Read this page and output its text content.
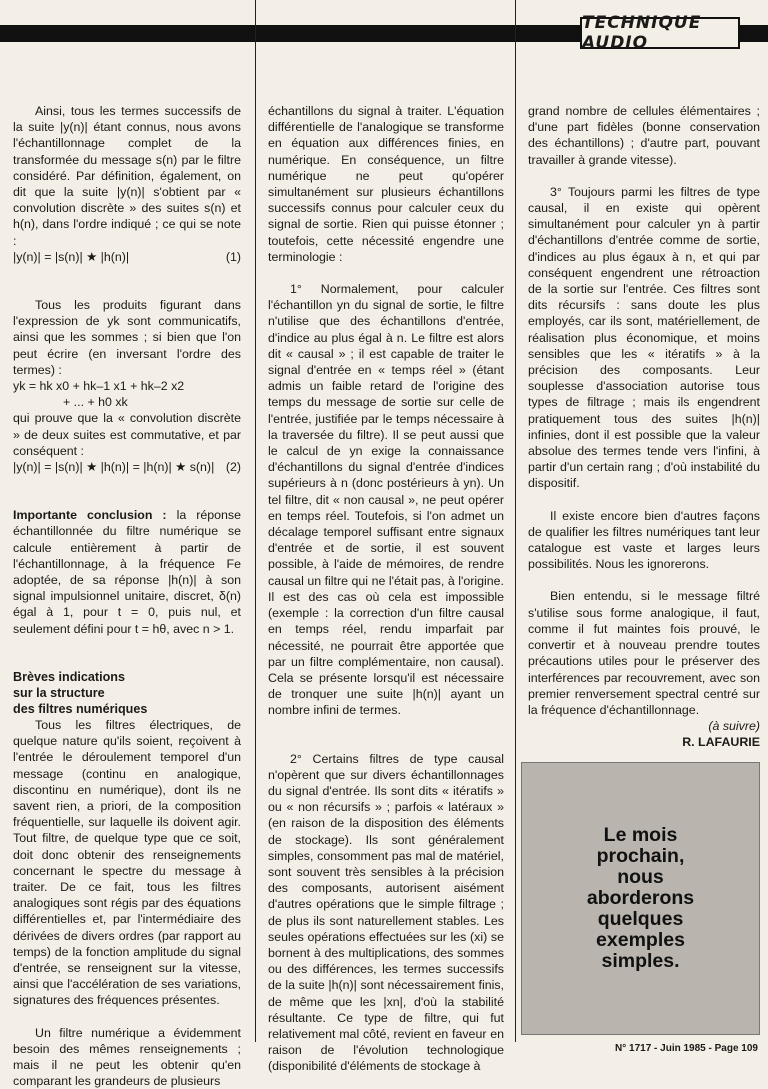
TECHNIQUE AUDIO

Ainsi, tous les termes successifs de la suite |y(n)| étant connus, nous avons l'échantillonnage complet de la transformée du message s(n) par le filtre considéré. Par définition, également, on dit que la suite |y(n)| s'obtient par « convolution discrète » des suites s(n) et h(n), dans l'ordre indiqué ; ce qui se note :

|y(n)| = |s(n)| ★ |h(n)|	(1)

Tous les produits figurant dans l'expression de yk sont communicatifs, ainsi que les sommes ; si bien que l'on peut écrire (en inversant l'ordre des termes) :

yk = hk x0 + hk–1 x1 + hk–2 x2

+ ... + h0 xk

qui prouve que la « convolution discrète » de deux suites est commutative, et par conséquent :

|y(n)| = |s(n)| ★ |h(n)| = |h(n)| ★ s(n)| (2)

Importante conclusion : la réponse échantillonnée du filtre numérique se calcule entièrement à partir de l'échantillonnage, à la fréquence Fe adoptée, de sa réponse |h(n)| à son signal impulsionnel unitaire, discret, δ(n) égal à 1, pour t = 0, puis nul, et seulement défini pour t = hθ, avec n > 1.

Brèves indications

sur la structure

des filtres numériques

Tous les filtres électriques, de quelque nature qu'ils soient, reçoivent à l'entrée le déroulement temporel d'un message (continu en analogique, discontinu en numérique), dont ils ne savent rien, a priori, de la composition fréquentielle, sur laquelle ils doivent agir. Tout filtre, de quelque type que ce soit, doit donc obtenir des renseignements concernant le spectre du message à traiter. De ce fait, tous les filtres analogiques sont régis par des équations différentielles et, par l'intermédiaire des dérivées de divers ordres (par rapport au temps) de la fonction amplitude du signal d'entrée, se renseignent sur la vitesse, ainsi que l'accélération de ses variations, signatures des fréquences présentes.

Un filtre numérique a évidemment besoin des mêmes renseignements ; mais il ne peut les obtenir qu'en comparant les grandeurs de plusieurs

échantillons du signal à traiter. L'équation différentielle de l'analogique se transforme en équation aux différences finies, en numérique. En conséquence, un filtre numérique ne peut qu'opérer simultanément sur plusieurs échantillons successifs connus pour calculer ceux du signal de sortie. Rien qui puisse étonner ; toutefois, cette nécessité engendre une terminologie :

1° Normalement, pour calculer l'échantillon yn du signal de sortie, le filtre n'utilise que des échantillons d'entrée, d'indice au plus égal à n. Le filtre est alors dit « causal » ; il est capable de traiter le signal d'entrée en « temps réel » (étant admis un faible retard de l'origine des temps du message de sortie sur celle de l'entrée, justifiée par le temps nécessaire à la traversée du filtre). Il se peut aussi que le calcul de yn exige la connaissance d'échantillons du signal d'entrée d'indices supérieurs à n (donc postérieurs à yn). Un tel filtre, dit « non causal », ne peut opérer en temps réel. Toutefois, si l'on admet un décalage temporel suffisant entre signaux d'entrée et de sortie, il est souvent possible, à l'aide de mémoires, de rendre causal un filtre qui ne l'était pas, à l'origine. Il est des cas où cela est impossible (exemple : la correction d'un filtre causal en temps réel, rendu imparfait par nécessité, ne pourrait être apportée que par un filtre complémentaire, non causal). Cela se présente lorsqu'il est nécessaire de tronquer une suite |h(n)| ayant un nombre infini de termes.

2° Certains filtres de type causal n'opèrent que sur divers échantillonnages du signal d'entrée. Ils sont dits « itératifs » ou « non récursifs » ; parfois « latéraux » (en raison de la disposition des éléments de stockage). Ils sont généralement simples, consomment pas mal de matériel, sont souvent très sensibles à la précision des composants, autorisent aisément d'autres opérations que le simple filtrage ; de plus ils sont naturellement stables. Les seules opérations effectuées sur les (xi) se bornent à des multiplications, des sommes ou des différences, les termes successifs de la suite |h(n)| sont nécessairement finis, de même que les |xn|, d'où la stabilité résultante. Ce type de filtre, qui fut relativement mal côté, revient en faveur en raison de l'évolution technologique (disponibilité d'éléments de stockage à

grand nombre de cellules élémentaires ; d'une part fidèles (bonne conservation des échantillons) ; d'autre part, pouvant travailler à grande vitesse).

3° Toujours parmi les filtres de type causal, il en existe qui opèrent simultanément pour calculer yn à partir d'échantillons d'entrée comme de sortie, d'indices au plus égaux à n, et qui par conséquent engendrent une rétroaction de la sortie sur l'entrée. Ces filtres sont dits récursifs : sans doute les plus employés, car ils sont, matériellement, de réalisation plus économique, et moins sensibles que les « itératifs » à la précision des composants. Leur souplesse d'association autorise tous types de filtrage ; mais ils engendrent pratiquement tous des suites |h(n)| infinies, dont il est possible que la valeur absolue des termes tende vers l'infini, à partir d'un certain rang ; d'où instabilité du dispositif.

Il existe encore bien d'autres façons de qualifier les filtres numériques tant leur catalogue est vaste et larges leurs possibilités. Nous les ignorerons.

Bien entendu, si le message filtré s'utilise sous forme analogique, il faut, comme il fut maintes fois prouvé, le convertir et à nouveau prendre toutes précautions utiles pour le préserver des interférences par recouvrement, avec son premier renversement spectral centré sur la fréquence d'échantillonnage.

(à suivre)

R. LAFAURIE

Le mois
prochain,
nous
aborderons
quelques
exemples
simples.
N° 1717 - Juin 1985 - Page 109
